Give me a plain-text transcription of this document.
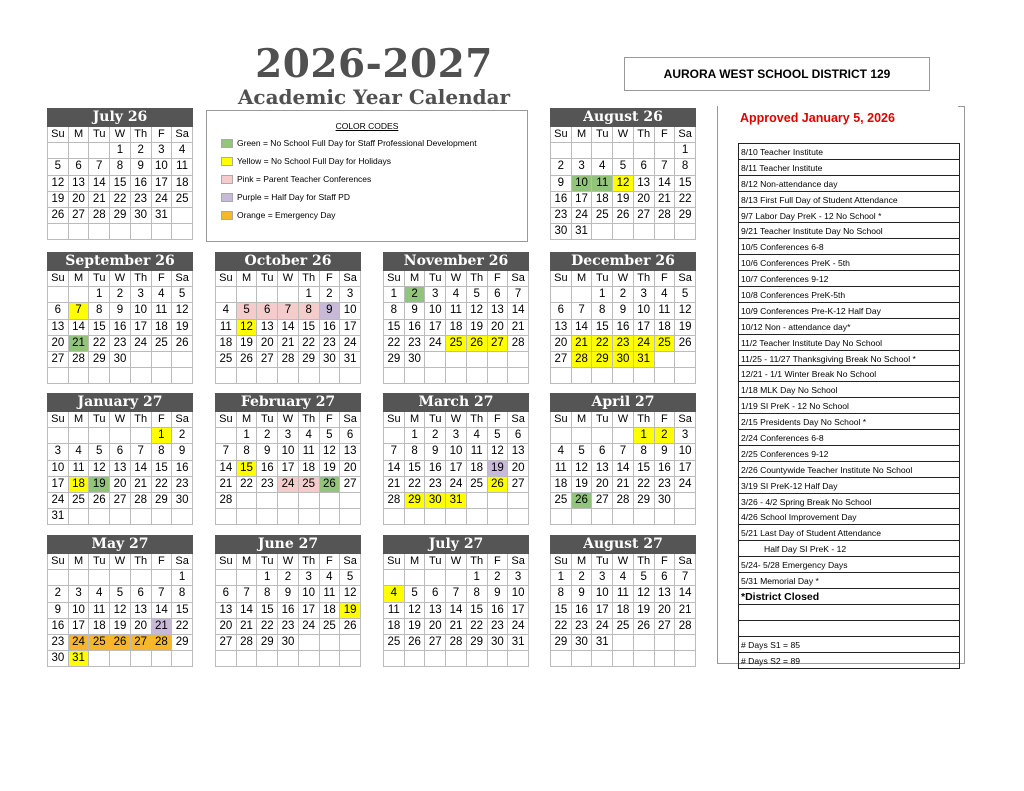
2026-2027
Academic Year Calendar
AURORA WEST SCHOOL DISTRICT 129
COLOR CODES
Green = No School Full Day for Staff Professional Development
Yellow = No School Full Day for Holidays
Pink = Parent Teacher Conferences
Purple = Half Day for Staff PD
Orange = Emergency Day
July 26
Su	M	Tu	W	Th	F	Sa
			1	2	3	4
5	6	7	8	9	10	11
12	13	14	15	16	17	18
19	20	21	22	23	24	25
26	27	28	29	30	31	

August 26
Su	M	Tu	W	Th	F	Sa
						1
2	3	4	5	6	7	8
9	10	11	12	13	14	15
16	17	18	19	20	21	22
23	24	25	26	27	28	29
30	31					
September 26
Su	M	Tu	W	Th	F	Sa
		1	2	3	4	5
6	7	8	9	10	11	12
13	14	15	16	17	18	19
20	21	22	23	24	25	26
27	28	29	30			

October 26
Su	M	Tu	W	Th	F	Sa
				1	2	3
4	5	6	7	8	9	10
11	12	13	14	15	16	17
18	19	20	21	22	23	24
25	26	27	28	29	30	31

November 26
Su	M	Tu	W	Th	F	Sa
1	2	3	4	5	6	7
8	9	10	11	12	13	14
15	16	17	18	19	20	21
22	23	24	25	26	27	28
29	30					

December 26
Su	M	Tu	W	Th	F	Sa
		1	2	3	4	5
6	7	8	9	10	11	12
13	14	15	16	17	18	19
20	21	22	23	24	25	26
27	28	29	30	31		

January 27
Su	M	Tu	W	Th	F	Sa
					1	2
3	4	5	6	7	8	9
10	11	12	13	14	15	16
17	18	19	20	21	22	23
24	25	26	27	28	29	30
31						
February 27
Su	M	Tu	W	Th	F	Sa
	1	2	3	4	5	6
7	8	9	10	11	12	13
14	15	16	17	18	19	20
21	22	23	24	25	26	27
28						

March 27
Su	M	Tu	W	Th	F	Sa
	1	2	3	4	5	6
7	8	9	10	11	12	13
14	15	16	17	18	19	20
21	22	23	24	25	26	27
28	29	30	31			

April 27
Su	M	Tu	W	Th	F	Sa
				1	2	3
4	5	6	7	8	9	10
11	12	13	14	15	16	17
18	19	20	21	22	23	24
25	26	27	28	29	30	

May 27
Su	M	Tu	W	Th	F	Sa
						1
2	3	4	5	6	7	8
9	10	11	12	13	14	15
16	17	18	19	20	21	22
23	24	25	26	27	28	29
30	31					
June 27
Su	M	Tu	W	Th	F	Sa
		1	2	3	4	5
6	7	8	9	10	11	12
13	14	15	16	17	18	19
20	21	22	23	24	25	26
27	28	29	30			

July 27
Su	M	Tu	W	Th	F	Sa
				1	2	3
4	5	6	7	8	9	10
11	12	13	14	15	16	17
18	19	20	21	22	23	24
25	26	27	28	29	30	31

August 27
Su	M	Tu	W	Th	F	Sa
1	2	3	4	5	6	7
8	9	10	11	12	13	14
15	16	17	18	19	20	21
22	23	24	25	26	27	28
29	30	31				

Approved January 5, 2026
8/10 Teacher Institute
8/11 Teacher Institute
8/12 Non-attendance day
8/13 First Full Day of Student Attendance
9/7 Labor Day PreK - 12 No School *
9/21 Teacher Institute Day No School
10/5 Conferences 6-8
10/6 Conferences PreK - 5th
10/7 Conferences 9-12
10/8 Conferences PreK-5th
10/9 Conferences Pre-K-12 Half Day
10/12 Non - attendance day*
11/2 Teacher Institute Day No School
11/25 - 11/27 Thanksgiving Break No School *
12/21 - 1/1 Winter Break No School
1/18 MLK Day No School
1/19 SI PreK - 12 No School
2/15 Presidents Day No School *
2/24 Conferences 6-8
2/25 Conferences 9-12
2/26 Countywide Teacher Institute No School
3/19 SI PreK-12 Half Day
3/26 - 4/2 Spring Break No School
4/26 School Improvement Day
5/21 Last Day of Student Attendance
Half Day SI PreK - 12
5/24- 5/28 Emergency Days
5/31 Memorial Day *
*District Closed
# Days S1 = 85
# Days S2 = 89
